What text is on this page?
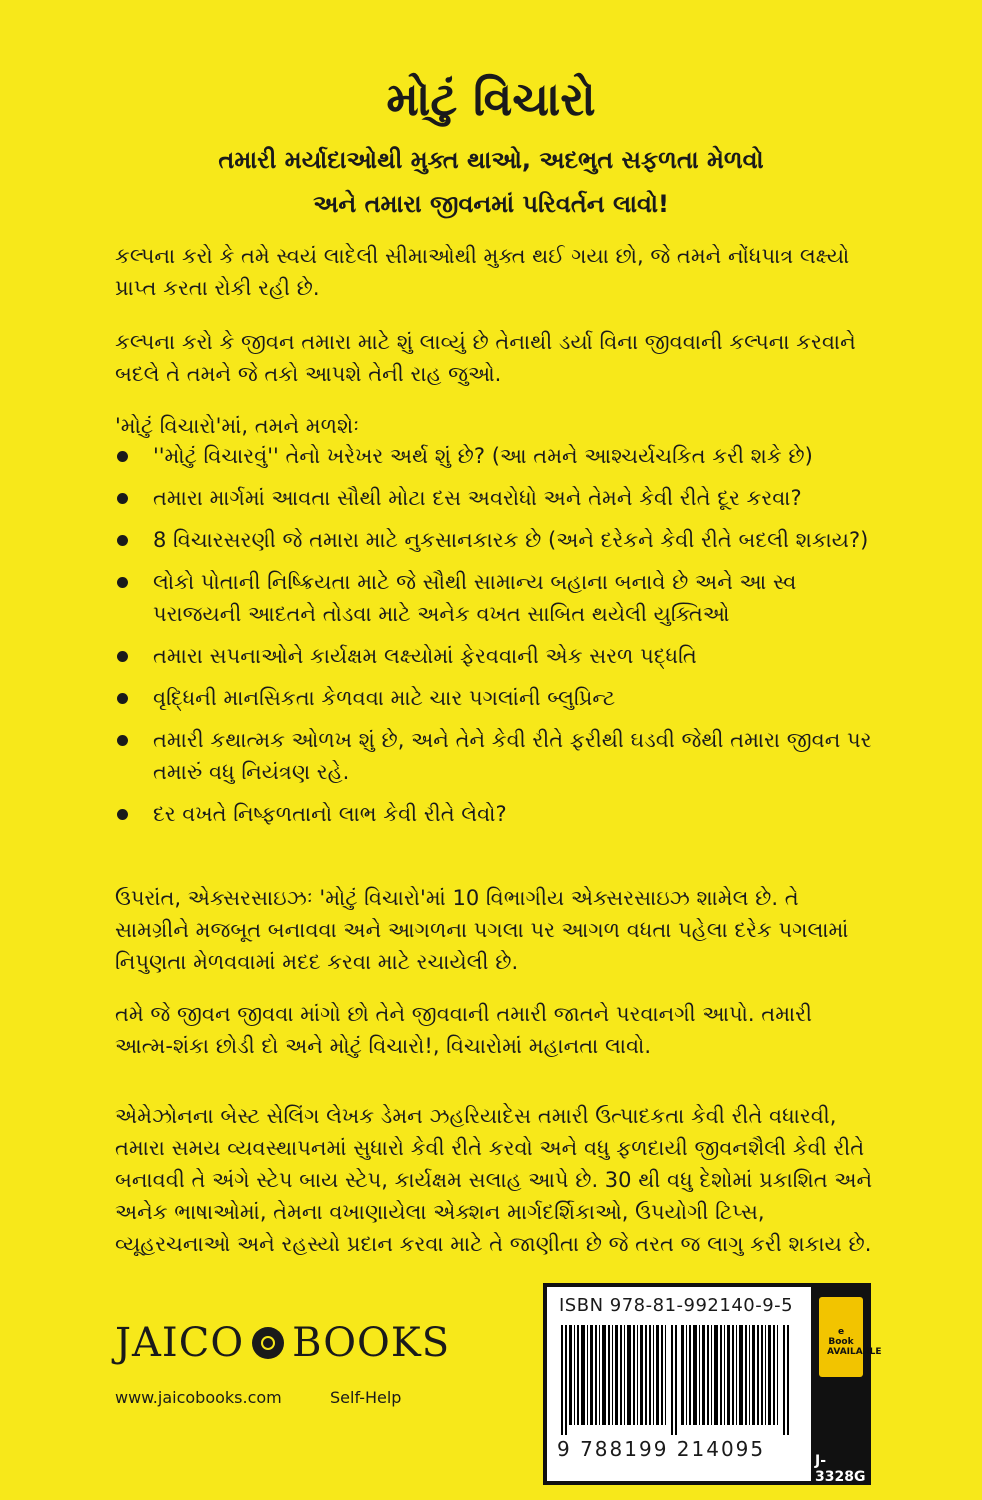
મોટું વિચારો
તમારી મર્યાદાઓથી મુક્ત થાઓ, અદભુત સફળતા મેળવો
અને તમારા જીવનમાં પરિવર્તન લાવો!
કલ્પના કરો કે તમે સ્વયં લાદેલી સીમાઓથી મુક્ત થઈ ગયા છો, જે તમને નોંધપાત્ર લક્ષ્યો પ્રાપ્ત કરતા રોકી રહી છે.
કલ્પના કરો કે જીવન તમારા માટે શું લાવ્યું છે તેનાથી ડર્યા વિના જીવવાની કલ્પના કરવાને બદલે તે તમને જે તકો આપશે તેની રાહ જુઓ.
'મોટું વિચારો'માં, તમને મળશેઃ
''મોટું વિચારવું'' તેનો ખરેખર અર્થ શું છે? (આ તમને આશ્ચર્યચકિત કરી શકે છે)
તમારા માર્ગમાં આવતા સૌથી મોટા દસ અવરોધો અને તેમને કેવી રીતે દૂર કરવા?
8 વિચારસરણી જે તમારા માટે નુકસાનકારક છે (અને દરેકને કેવી રીતે બદલી શકાય?)
લોકો પોતાની નિષ્ક્રિયતા માટે જે સૌથી સામાન્ય બહાના બનાવે છે અને આ સ્વ પરાજયની આદતને તોડવા માટે અનેક વખત સાબિત થયેલી યુક્તિઓ
તમારા સપનાઓને કાર્યક્ષમ લક્ષ્યોમાં ફેરવવાની એક સરળ પદ્ધતિ
વૃદ્ધિની માનસિકતા કેળવવા માટે ચાર પગલાંની બ્લુપ્રિન્ટ
તમારી કથાત્મક ઓળખ શું છે, અને તેને કેવી રીતે ફરીથી ઘડવી જેથી તમારા જીવન પર તમારું વધુ નિયંત્રણ રહે.
દર વખતે નિષ્ફળતાનો લાભ કેવી રીતે લેવો?
ઉપરાંત, એક્સરસાઇઝઃ 'મોટું વિચારો'માં 10 વિભાગીય એક્સરસાઇઝ શામેલ છે. તે સામગ્રીને મજબૂત બનાવવા અને આગળના પગલા પર આગળ વધતા પહેલા દરેક પગલામાં નિપુણતા મેળવવામાં મદદ કરવા માટે રચાયેલી છે.
તમે જે જીવન જીવવા માંગો છો તેને જીવવાની તમારી જાતને પરવાનગી આપો. તમારી આત્મ-શંકા છોડી દો અને મોટું વિચારો!, વિચારોમાં મહાનતા લાવો.
એમેઝોનના બેસ્ટ સેલિંગ લેખક ડેમન ઝહરિયાદેસ તમારી ઉત્પાદકતા કેવી રીતે વધારવી, તમારા સમય વ્યવસ્થાપનમાં સુધારો કેવી રીતે કરવો અને વધુ ફળદાયી જીવનશૈલી કેવી રીતે બનાવવી તે અંગે સ્ટેપ બાય સ્ટેપ, કાર્યક્ષમ સલાહ આપે છે. 30 થી વધુ દેશોમાં પ્રકાશિત અને અનેક ભાષાઓમાં, તેમના વખાણાયેલા એક્શન માર્ગદર્શિકાઓ, ઉપયોગી ટિપ્સ, વ્યૂહરચનાઓ અને રહસ્યો પ્રદાન કરવા માટે તે જાણીતા છે જે તરત જ લાગુ કરી શકાય છે.
JAICO BOOKS
www.jaicobooks.com	Self-Help
ISBN 978-81-992140-9-5
9 788199 214095
e Book AVAILABLE
J-3328G
